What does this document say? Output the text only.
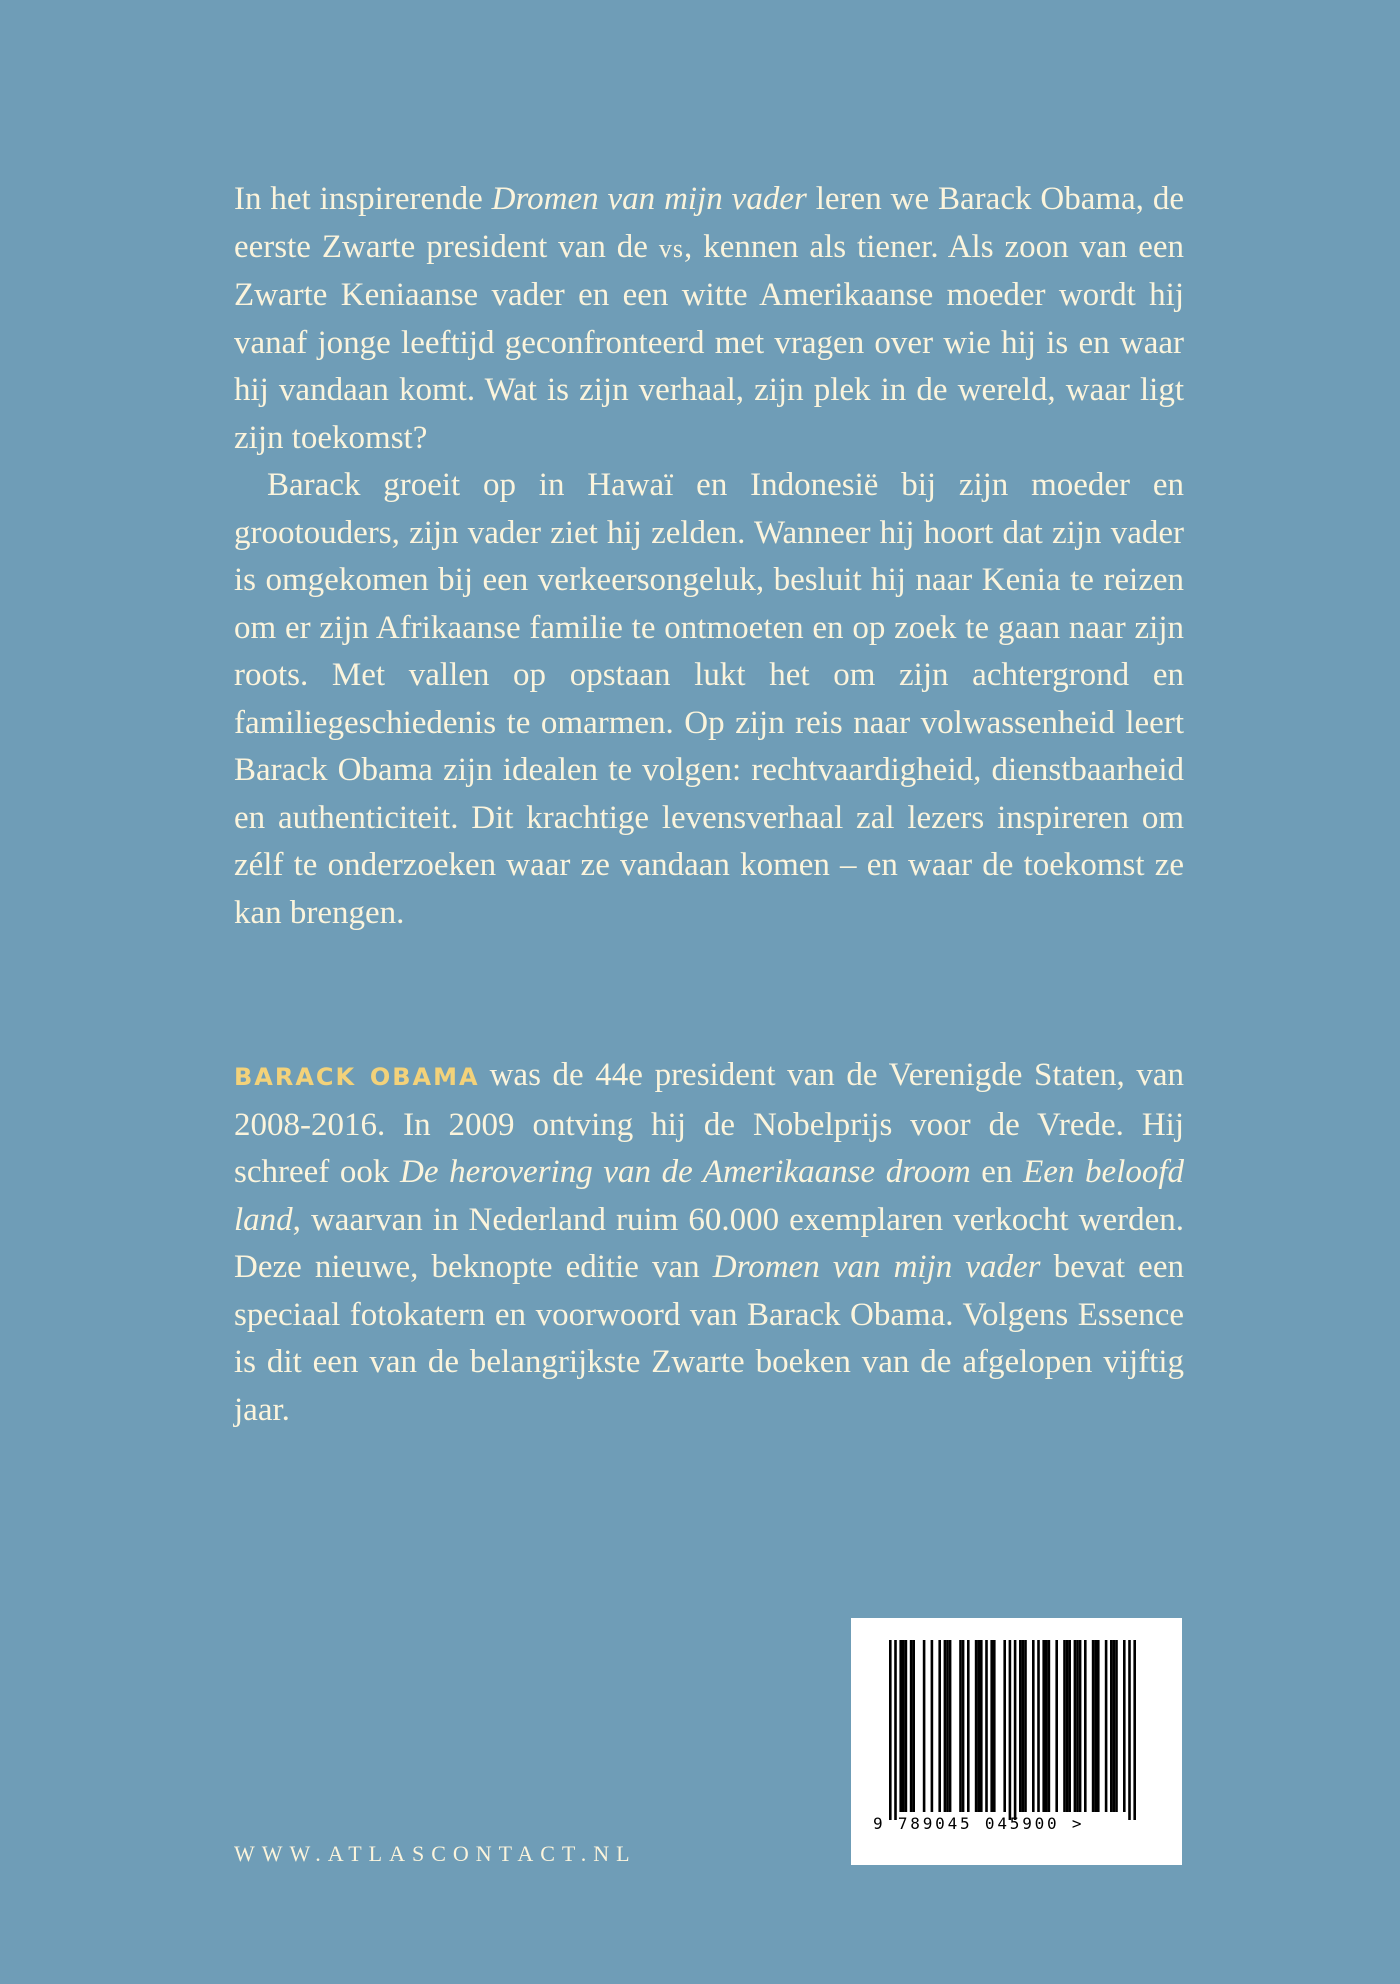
In het inspirerende Dromen van mijn vader leren we Barack Obama, de eerste Zwarte president van de vs, kennen als tiener. Als zoon van een Zwarte Keniaanse vader en een witte Amerikaanse moeder wordt hij vanaf jonge leeftijd geconfronteerd met vragen over wie hij is en waar hij vandaan komt. Wat is zijn verhaal, zijn plek in de wereld, waar ligt zijn toekomst?

Barack groeit op in Hawaï en Indonesië bij zijn moeder en grootouders, zijn vader ziet hij zelden. Wanneer hij hoort dat zijn vader is omgekomen bij een verkeersongeluk, besluit hij naar Kenia te reizen om er zijn Afrikaanse familie te ontmoeten en op zoek te gaan naar zijn roots. Met vallen op opstaan lukt het om zijn achtergrond en familiegeschiedenis te omarmen. Op zijn reis naar volwassenheid leert Barack Obama zijn idealen te volgen: rechtvaardigheid, dienstbaarheid en authenticiteit. Dit krachtige levensverhaal zal lezers inspireren om zélf te onderzoeken waar ze vandaan komen – en waar de toekomst ze kan brengen.

BARACK OBAMA was de 44e president van de Verenigde Staten, van 2008-2016. In 2009 ontving hij de Nobelprijs voor de Vrede. Hij schreef ook De herovering van de Amerikaanse droom en Een beloofd land, waarvan in Nederland ruim 60.000 exemplaren verkocht werden. Deze nieuwe, beknopte editie van Dromen van mijn vader bevat een speciaal fotokatern en voorwoord van Barack Obama. Volgens Essence is dit een van de belangrijkste Zwarte boeken van de afgelopen vijftig jaar.

WWW.ATLASCONTACT.NL
9 789045 045900 >
